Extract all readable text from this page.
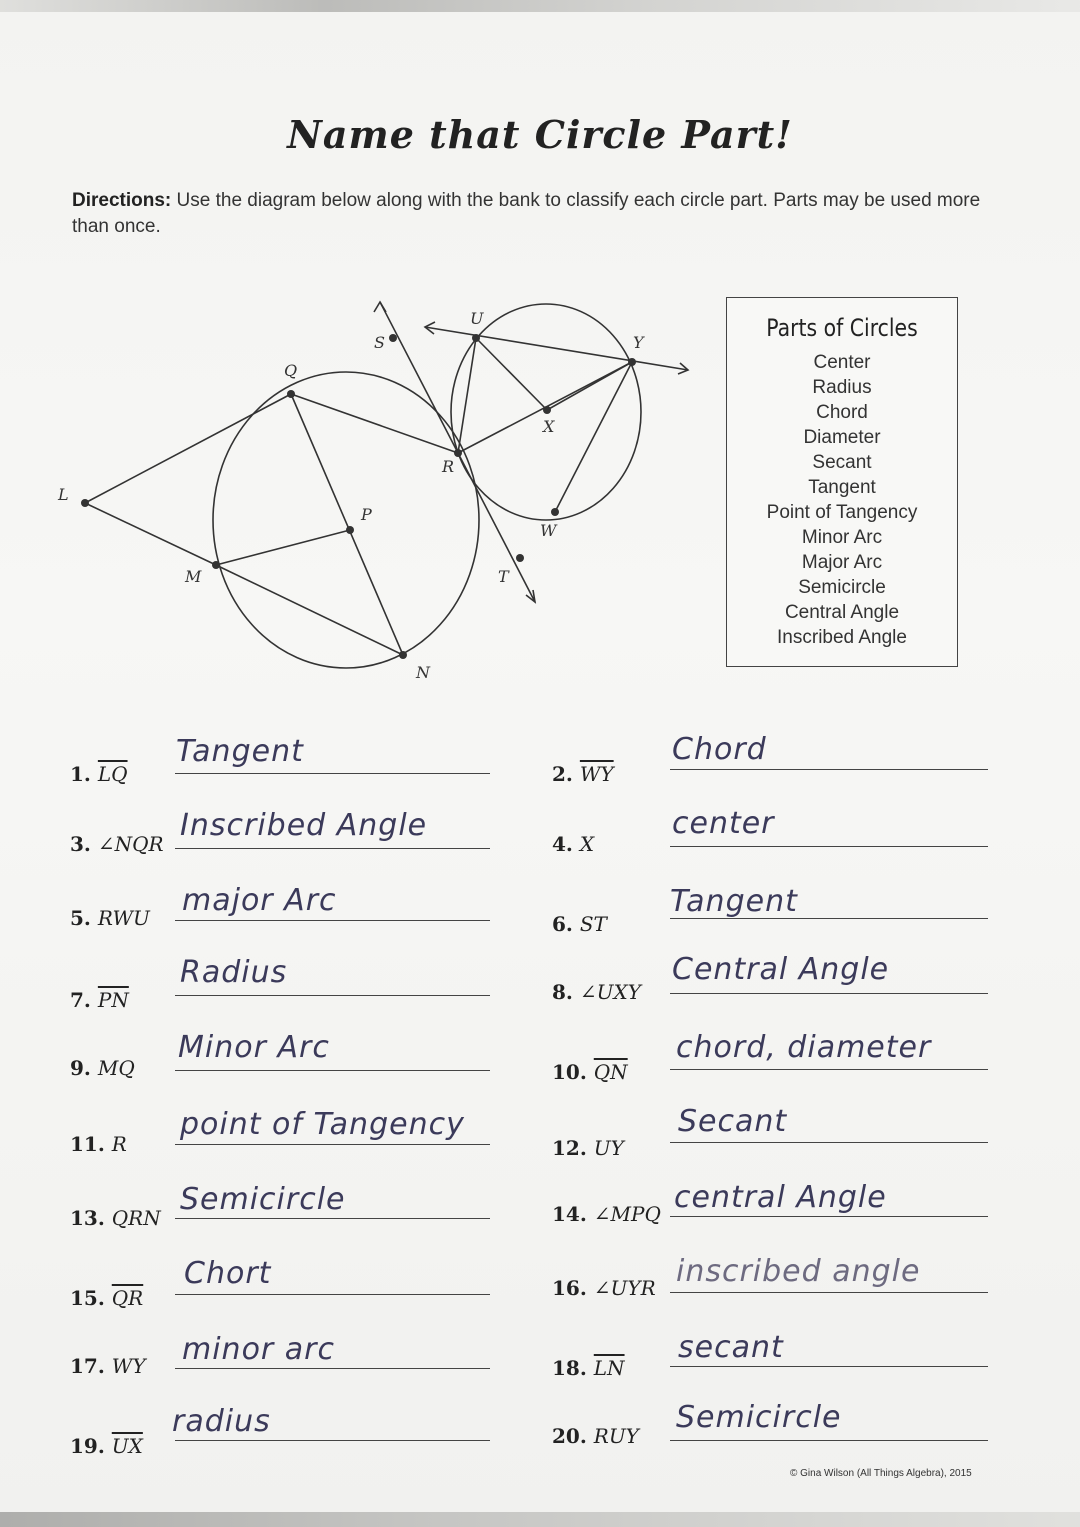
Name that Circle Part!
Directions: Use the diagram below along with the bank to classify each circle part. Parts may be used more than once.
L
Q
M
N
P
R
S
T
U
X
Y
W
Parts of Circles
Center
Radius
Chord
Diameter
Secant
Tangent
Point of Tangency
Minor Arc
Major Arc
Semicircle
Central Angle
Inscribed Angle
1. $\overline{LQ}$
Tangent
3. ∠NQR
Inscribed Angle
5. RWU major Arc
7. $\overline{PN}$
Radius
9. MQ
Minor Arc
11. R
point of Tangency
13. QRN
Semicircle
15. $\overline{QR}$
Chort
17. WY minor arc
19. $\overline{UX}$
radius
2. $\overline{WY}$
Chord
4. X
center
6. ST
Tangent
8. ∠UXY
Central Angle
10. $\overline{QN}$
chord, diameter
12. UY
Secant
14. ∠MPQ central Angle
16. ∠UYR inscribed angle
18. $\overline{LN}$
secant
20. RUY
Semicircle
© Gina Wilson (All Things Algebra), 2015
